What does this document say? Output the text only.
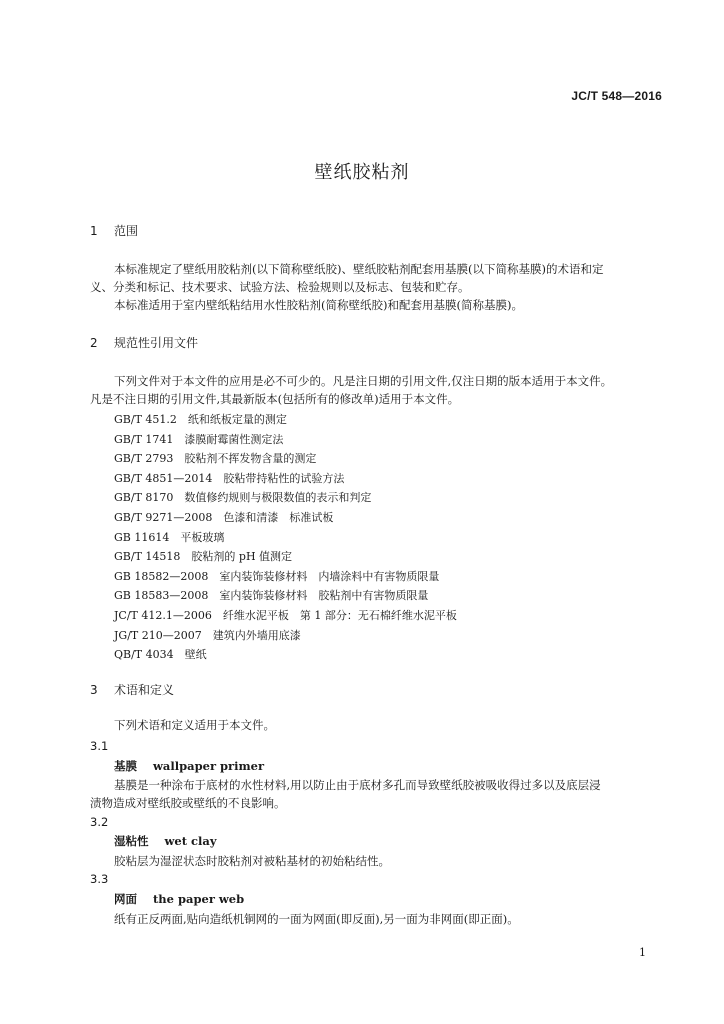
JC/T 548—2016
壁纸胶粘剂
1 范围
本标准规定了壁纸用胶粘剂(以下简称壁纸胶)、壁纸胶粘剂配套用基膜(以下简称基膜)的术语和定
义、分类和标记、技术要求、试验方法、检验规则以及标志、包装和贮存。
本标准适用于室内壁纸粘结用水性胶粘剂(简称壁纸胶)和配套用基膜(简称基膜)。
2 规范性引用文件
下列文件对于本文件的应用是必不可少的。凡是注日期的引用文件,仅注日期的版本适用于本文件。
凡是不注日期的引用文件,其最新版本(包括所有的修改单)适用于本文件。
GB/T 451.2　纸和纸板定量的测定
GB/T 1741　漆膜耐霉菌性测定法
GB/T 2793　胶粘剂不挥发物含量的测定
GB/T 4851—2014　胶粘带持粘性的试验方法
GB/T 8170　数值修约规则与极限数值的表示和判定
GB/T 9271—2008　色漆和清漆　标准试板
GB 11614　平板玻璃
GB/T 14518　胶粘剂的 pH 值测定
GB 18582—2008　室内装饰装修材料　内墙涂料中有害物质限量
GB 18583—2008　室内装饰装修材料　胶粘剂中有害物质限量
JC/T 412.1—2006　纤维水泥平板　第 1 部分：无石棉纤维水泥平板
JG/T 210—2007　建筑内外墙用底漆
QB/T 4034　壁纸
3 术语和定义
下列术语和定义适用于本文件。
3.1
基膜 wallpaper primer
基膜是一种涂布于底材的水性材料,用以防止由于底材多孔而导致壁纸胶被吸收得过多以及底层浸
渍物造成对壁纸胶或壁纸的不良影响。
3.2
湿粘性 wet clay
胶粘层为湿涩状态时胶粘剂对被粘基材的初始粘结性。
3.3
网面 the paper web
纸有正反两面,贴向造纸机铜网的一面为网面(即反面),另一面为非网面(即正面)。
1
